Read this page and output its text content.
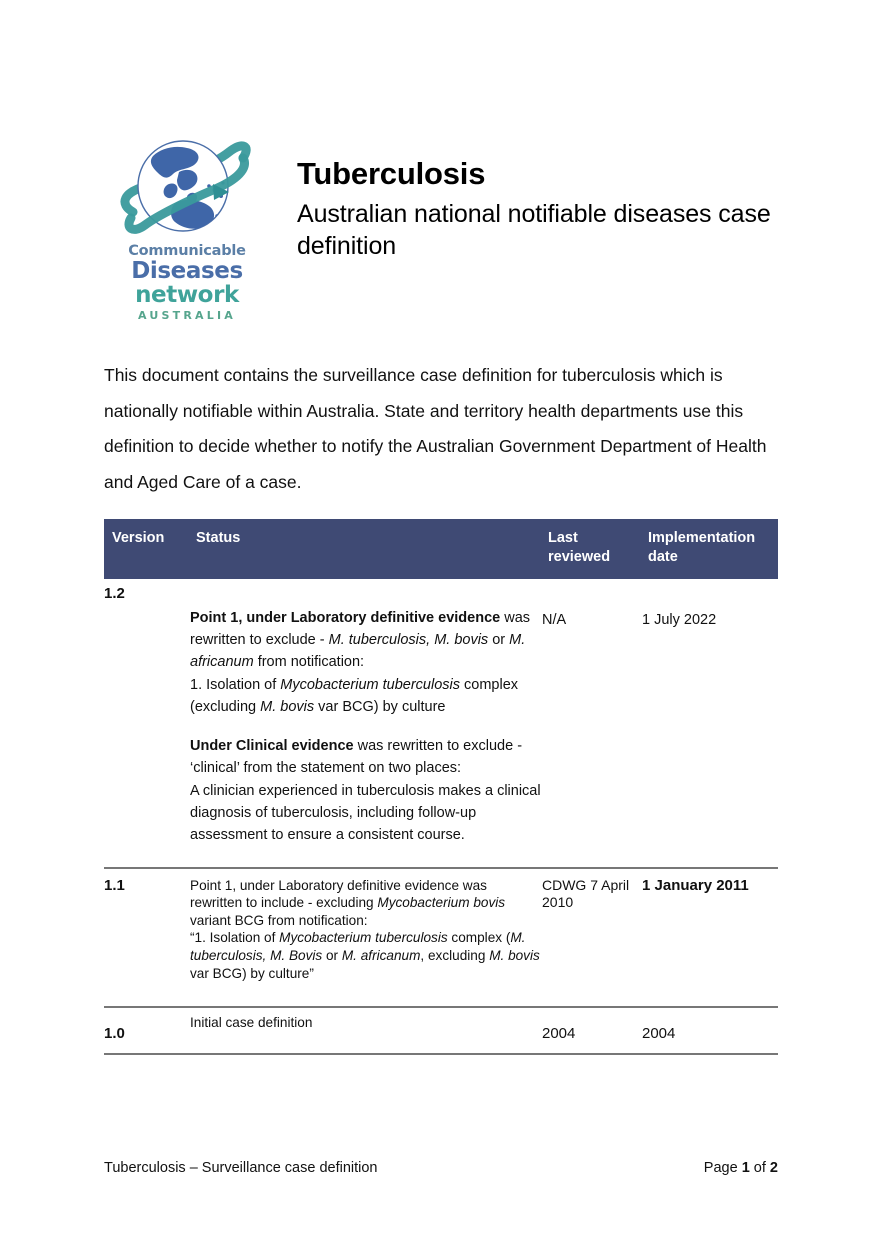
Communicable
Diseases
network
AUSTRALIA
Tuberculosis
Australian national notifiable diseases case definition
This document contains the surveillance case definition for tuberculosis which is nationally notifiable within Australia. State and territory health departments use this definition to decide whether to notify the Australian Government Department of Health and Aged Care of a case.
Version	Status	Last reviewed	Implementation date
1.2	Point 1, under Laboratory definitive evidence was rewritten to exclude - M. tuberculosis, M. bovis or M. africanum from notification:
1. Isolation of Mycobacterium tuberculosis complex (excluding M. bovis var BCG) by culture
Under Clinical evidence was rewritten to exclude - ‘clinical’ from the statement on two places:
A clinician experienced in tuberculosis makes a clinical diagnosis of tuberculosis, including follow-up assessment to ensure a consistent course.	N/A	1 July 2022
1.1	Point 1, under Laboratory definitive evidence was rewritten to include - excluding Mycobacterium bovis variant BCG from notification:
“1. Isolation of Mycobacterium tuberculosis complex (M. tuberculosis, M. Bovis or M. africanum, excluding M. bovis var BCG) by culture”	CDWG 7 April 2010	1 January 2011
1.0	Initial case definition	2004	2004
Tuberculosis – Surveillance case definition	Page 1 of 2
